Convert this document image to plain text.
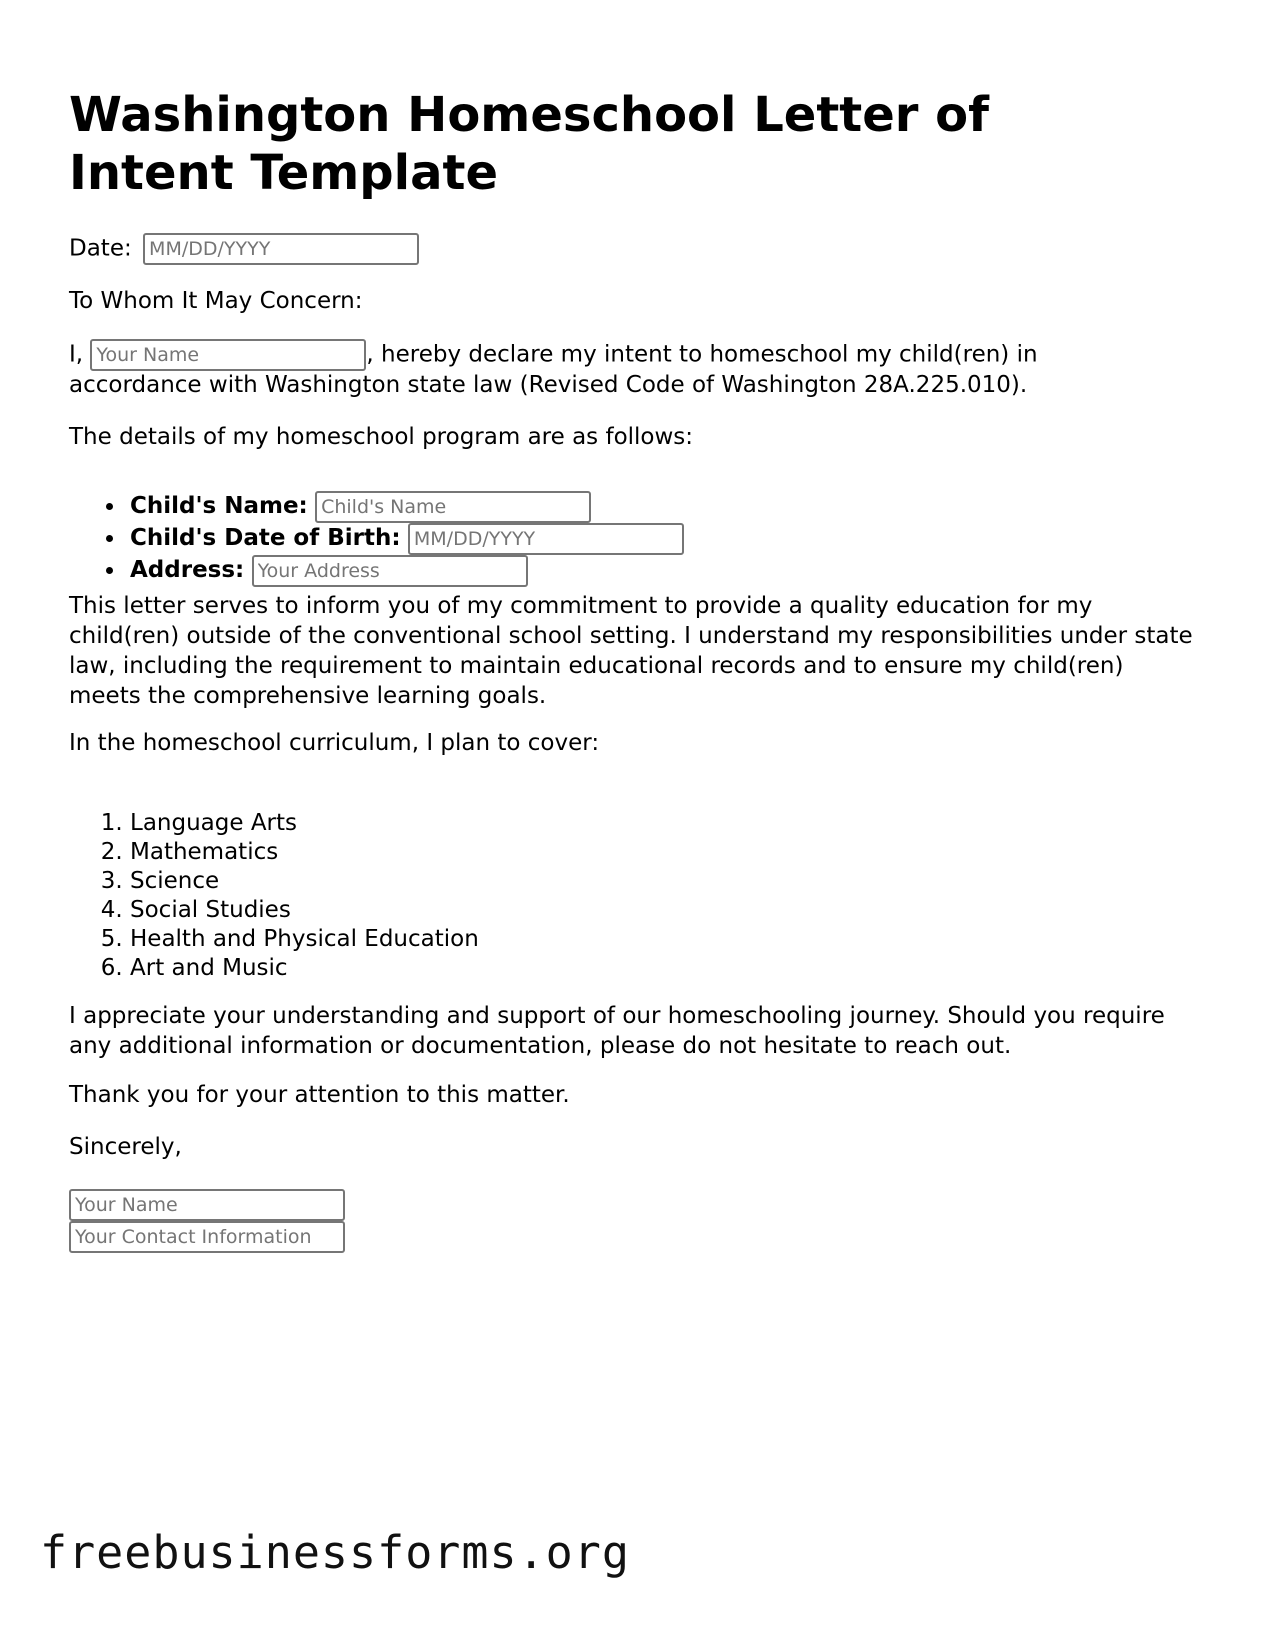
Washington Homeschool Letter of Intent Template
Date: MM/DD/YYYY
To Whom It May Concern:
I, Your Name	, hereby declare my intent to homeschool my child(ren) in
accordance with Washington state law (Revised Code of Washington 28A.225.010).
The details of my homeschool program are as follows:
Child's Name: Child's Name
Child's Date of Birth: MM/DD/YYYY
Address: Your Address
This letter serves to inform you of my commitment to provide a quality education for my child(ren) outside of the conventional school setting. I understand my responsibilities under state law, including the requirement to maintain educational records and to ensure my child(ren) meets the comprehensive learning goals.
In the homeschool curriculum, I plan to cover:
1. Language Arts
2. Mathematics
3. Science
4. Social Studies
5. Health and Physical Education
6. Art and Music
I appreciate your understanding and support of our homeschooling journey. Should you require any additional information or documentation, please do not hesitate to reach out.
Thank you for your attention to this matter.
Sincerely,
Your Name
Your Contact Information
freebusinessforms.org
